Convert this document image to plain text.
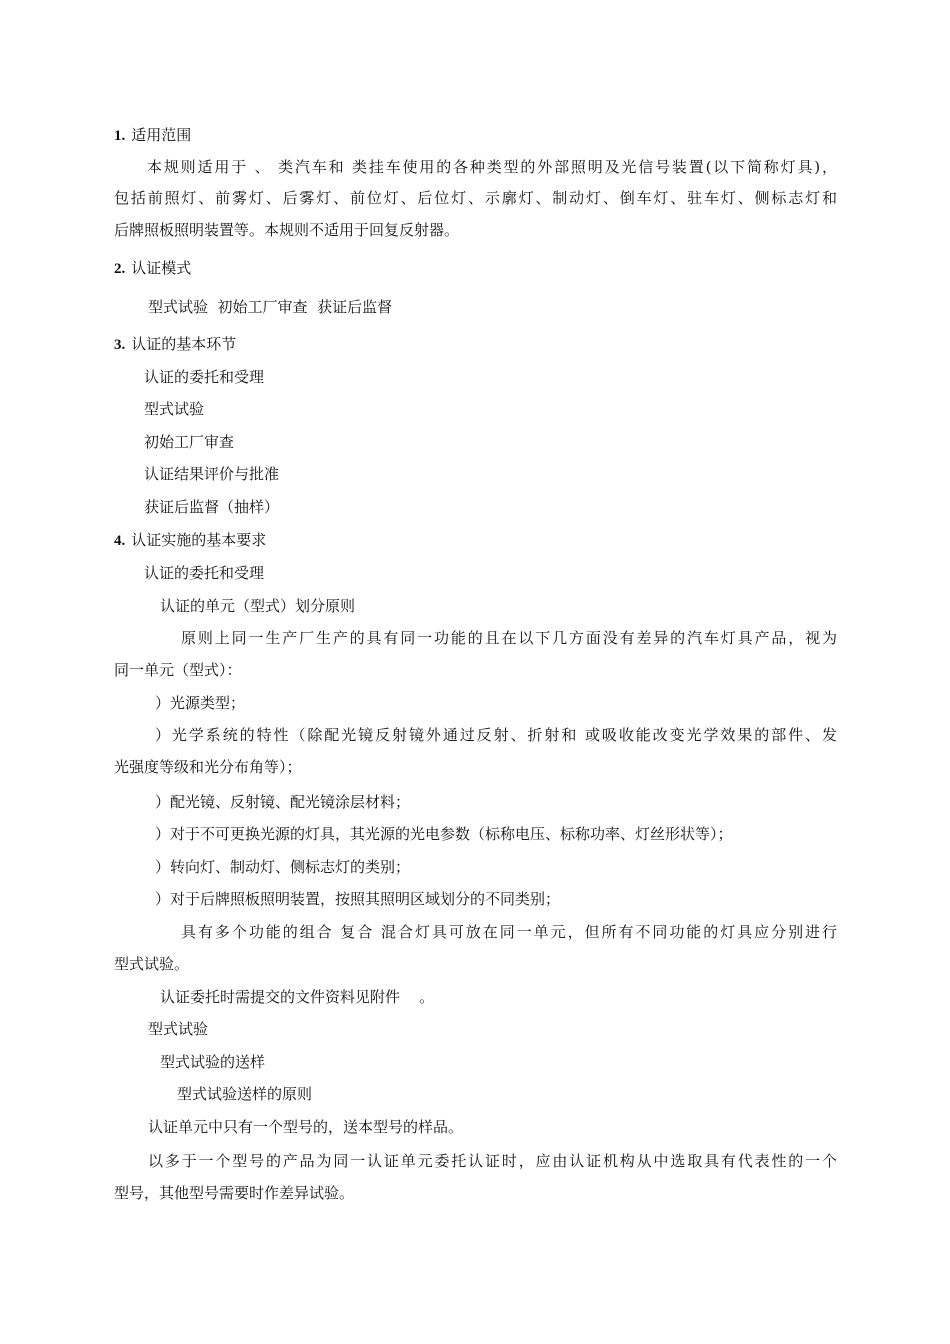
1. 适用范围
本规则适用于 、 类汽车和 类挂车使用的各种类型的外部照明及光信号装置(以下简称灯具)，
包括前照灯、前雾灯、后雾灯、前位灯、后位灯、示廓灯、制动灯、倒车灯、驻车灯、侧标志灯和
后牌照板照明装置等。本规则不适用于回复反射器。
2. 认证模式
型式试验  初始工厂审查  获证后监督
3. 认证的基本环节
认证的委托和受理
型式试验
初始工厂审查
认证结果评价与批准
获证后监督（抽样）
4. 认证实施的基本要求
认证的委托和受理
认证的单元（型式）划分原则
原则上同一生产厂生产的具有同一功能的且在以下几方面没有差异的汽车灯具产品，视为
同一单元（型式）：
）光源类型；
）光学系统的特性（除配光镜反射镜外通过反射、折射和 或吸收能改变光学效果的部件、发
光强度等级和光分布角等）；
）配光镜、反射镜、配光镜涂层材料；
）对于不可更换光源的灯具，其光源的光电参数（标称电压、标称功率、灯丝形状等）；
）转向灯、制动灯、侧标志灯的类别；
）对于后牌照板照明装置，按照其照明区域划分的不同类别；
具有多个功能的组合 复合 混合灯具可放在同一单元，但所有不同功能的灯具应分别进行
型式试验。
认证委托时需提交的文件资料见附件    。
型式试验
型式试验的送样
型式试验送样的原则
认证单元中只有一个型号的，送本型号的样品。
以多于一个型号的产品为同一认证单元委托认证时，应由认证机构从中选取具有代表性的一个
型号，其他型号需要时作差异试验。
